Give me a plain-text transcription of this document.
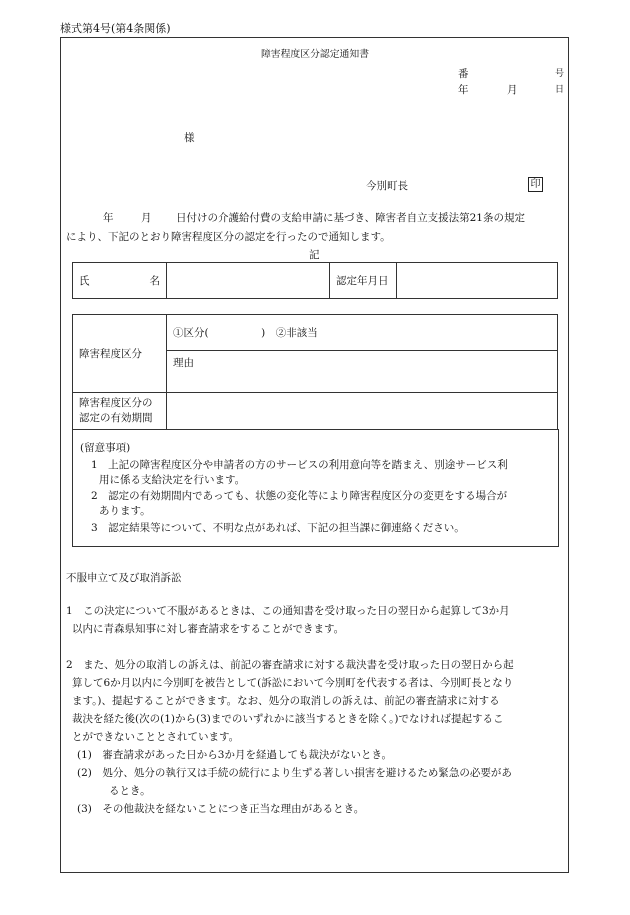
様式第4号(第4条関係)
障害程度区分認定通知書
番	号
年	月	日
様
今別町長	印
年	月 日付けの介護給付費の支給申請に基づき、障害者自立支援法第21条の規定
により、下記のとおり障害程度区分の認定を行ったので通知します。
記
氏	名		認定年月日	
障害程度区分	①区分(　　　　　)　②非該当
	理由

障害程度区分の
認定の有効期間	

(留意事項)
1　上記の障害程度区分や申請者の方のサービスの利用意向等を踏まえ、別途サービス利
用に係る支給決定を行います。
2　認定の有効期間内であっても、状態の変化等により障害程度区分の変更をする場合が
あります。
3　認定結果等について、不明な点があれば、下記の担当課に御連絡ください。
不服申立て及び取消訴訟
1　この決定について不服があるときは、この通知書を受け取った日の翌日から起算して3か月
以内に青森県知事に対し審査請求をすることができます。
2　また、処分の取消しの訴えは、前記の審査請求に対する裁決書を受け取った日の翌日から起
算して6か月以内に今別町を被告として(訴訟において今別町を代表する者は、今別町長となり
ます。)、提起することができます。なお、処分の取消しの訴えは、前記の審査請求に対する
裁決を経た後(次の(1)から(3)までのいずれかに該当するときを除く。)でなければ提起するこ
とができないこととされています。
(1)　審査請求があった日から3か月を経過しても裁決がないとき。
(2)　処分、処分の執行又は手続の続行により生ずる著しい損害を避けるため緊急の必要があ
るとき。
(3)　その他裁決を経ないことにつき正当な理由があるとき。
